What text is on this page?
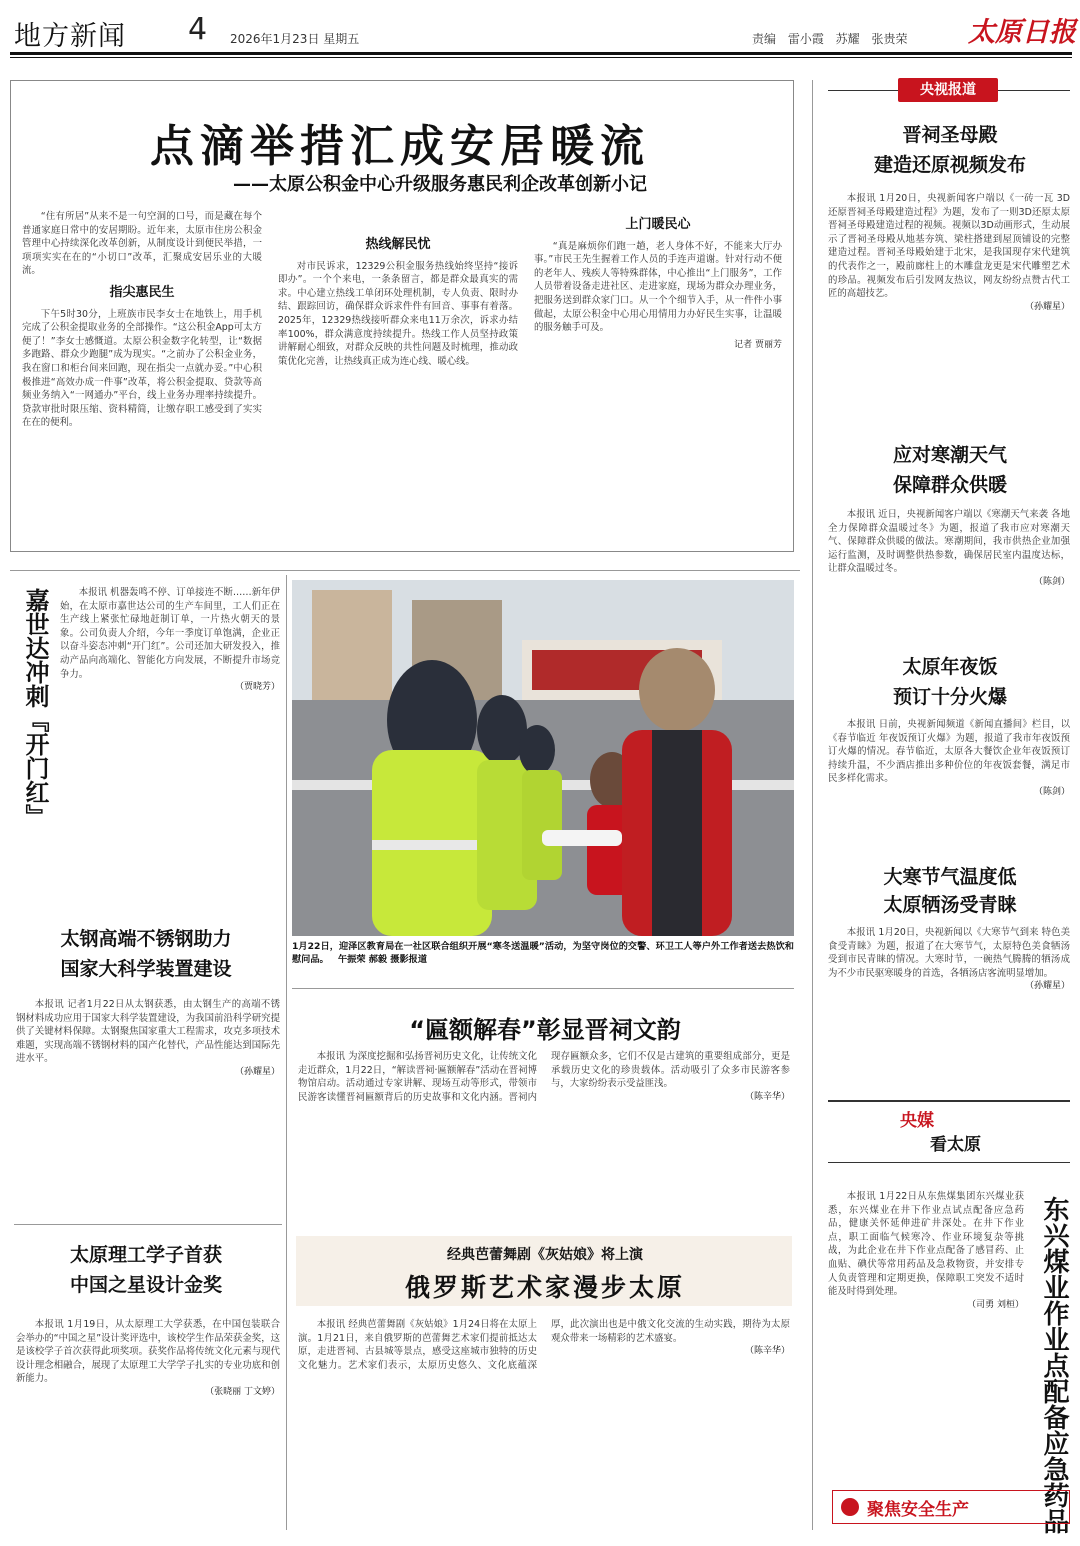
地方新闻 4 2026年1月23日 星期五	责编 雷小霞 苏耀 张贵荣 太原日报
点滴举措汇成安居暖流
——太原公积金中心升级服务惠民利企改革创新小记

“住有所居”从来不是一句空洞的口号，而是藏在每个普通家庭日常中的安居期盼。近年来，太原市住房公积金管理中心持续深化改革创新，从制度设计到便民举措，一项项实实在在的“小切口”改革，汇聚成安居乐业的大暖流。

指尖惠民生

下午5时30分，上班族市民李女士在地铁上，用手机完成了公积金提取业务的全部操作。“这公积金App可太方便了！”李女士感慨道。太原公积金数字化转型，让“数据多跑路、群众少跑腿”成为现实。“之前办了公积金业务，我在窗口和柜台间来回跑，现在指尖一点就办妥。”中心积极推进“高效办成一件事”改革，将公积金提取、贷款等高频业务纳入“一网通办”平台，线上业务办理率持续提升。贷款审批时限压缩、资料精简，让缴存职工感受到了实实在在的便利。

热线解民忧

对市民诉求，12329公积金服务热线始终坚持“接诉即办”。一个个来电，一条条留言，都是群众最真实的需求。中心建立热线工单闭环处理机制，专人负责、限时办结、跟踪回访，确保群众诉求件件有回音、事事有着落。2025年，12329热线接听群众来电11万余次，诉求办结率100%，群众满意度持续提升。热线工作人员坚持政策讲解耐心细致，对群众反映的共性问题及时梳理，推动政策优化完善，让热线真正成为连心线、暖心线。

上门暖民心

“真是麻烦你们跑一趟，老人身体不好，不能来大厅办事。”市民王先生握着工作人员的手连声道谢。针对行动不便的老年人、残疾人等特殊群体，中心推出“上门服务”，工作人员带着设备走进社区、走进家庭，现场为群众办理业务，把服务送到群众家门口。从一个个细节入手，从一件件小事做起，太原公积金中心用心用情用力办好民生实事，让温暖的服务触手可及。

记者 贾丽芳
央视报道
晋祠圣母殿
建造还原视频发布

本报讯 1月20日，央视新闻客户端以《一砖一瓦 3D还原晋祠圣母殿建造过程》为题，发布了一则3D还原太原晋祠圣母殿建造过程的视频。视频以3D动画形式，生动展示了晋祠圣母殿从地基夯筑、梁柱搭建到屋顶铺设的完整建造过程。晋祠圣母殿始建于北宋，是我国现存宋代建筑的代表作之一，殿前廊柱上的木雕盘龙更是宋代雕塑艺术的珍品。视频发布后引发网友热议，网友纷纷点赞古代工匠的高超技艺。

（孙耀星）
应对寒潮天气
保障群众供暖

本报讯 近日，央视新闻客户端以《寒潮天气来袭 各地全力保障群众温暖过冬》为题，报道了我市应对寒潮天气、保障群众供暖的做法。寒潮期间，我市供热企业加强运行监测，及时调整供热参数，确保居民室内温度达标，让群众温暖过冬。

（陈剑）
太原年夜饭
预订十分火爆

本报讯 日前，央视新闻频道《新闻直播间》栏目，以《春节临近 年夜饭预订火爆》为题，报道了我市年夜饭预订火爆的情况。春节临近，太原各大餐饮企业年夜饭预订持续升温，不少酒店推出多种价位的年夜饭套餐，满足市民多样化需求。

（陈剑）
大寒节气温度低
太原牺汤受青睐

本报讯 1月20日，央视新闻以《大寒节气到来 特色美食受青睐》为题，报道了在大寒节气，太原特色美食牺汤受到市民青睐的情况。大寒时节，一碗热气腾腾的牺汤成为不少市民驱寒暖身的首选，各牺汤店客流明显增加。

（孙耀星）
央媒
看太原

本报讯 1月22日从东焦煤集团东兴煤业获悉，东兴煤业在井下作业点试点配备应急药品，健康关怀延伸进矿井深处。在井下作业点，职工面临气候寒冷、作业环境复杂等挑战，为此企业在井下作业点配备了感冒药、止血贴、碘伏等常用药品及急救物资，并安排专人负责管理和定期更换，保障职工突发不适时能及时得到处理。

（司勇 刘桓） 东兴煤业作业点配备应急药品
聚焦安全生产
嘉世达冲刺『开门红』	本报讯 机器轰鸣不停、订单接连不断……新年伊始，在太原市嘉世达公司的生产车间里，工人们正在生产线上紧张忙碌地赶制订单，一片热火朝天的景象。公司负责人介绍，今年一季度订单饱满，企业正以奋斗姿态冲刺“开门红”。公司还加大研发投入，推动产品向高端化、智能化方向发展，不断提升市场竞争力。

（贾晓芳）
1月22日，迎泽区教育局在一社区联合组织开展“寒冬送温暖”活动，为坚守岗位的交警、环卫工人等户外工作者送去热饮和慰问品。 午振荣 郝毅 摄影报道
太钢高端不锈钢助力
国家大科学装置建设

本报讯 记者1月22日从太钢获悉，由太钢生产的高端不锈钢材料成功应用于国家大科学装置建设，为我国前沿科学研究提供了关键材料保障。太钢聚焦国家重大工程需求，攻克多项技术难题，实现高端不锈钢材料的国产化替代，产品性能达到国际先进水平。

（孙耀星）
太原理工学子首获
中国之星设计金奖

本报讯 1月19日，从太原理工大学获悉，在中国包装联合会举办的“中国之星”设计奖评选中，该校学生作品荣获金奖，这是该校学子首次获得此项奖项。获奖作品将传统文化元素与现代设计理念相融合，展现了太原理工大学学子扎实的专业功底和创新能力。

（张晓丽 丁文婷）
“匾额解春”彰显晋祠文韵

本报讯 为深度挖掘和弘扬晋祠历史文化，让传统文化走近群众，1月22日，“解读晋祠·匾额解春”活动在晋祠博物馆启动。活动通过专家讲解、现场互动等形式，带领市民游客读懂晋祠匾额背后的历史故事和文化内涵。晋祠内现存匾额众多，它们不仅是古建筑的重要组成部分，更是承载历史文化的珍贵载体。活动吸引了众多市民游客参与，大家纷纷表示受益匪浅。

（陈辛华）
经典芭蕾舞剧《灰姑娘》将上演
俄罗斯艺术家漫步太原

本报讯 经典芭蕾舞剧《灰姑娘》1月24日将在太原上演。1月21日，来自俄罗斯的芭蕾舞艺术家们提前抵达太原，走进晋祠、古县城等景点，感受这座城市独特的历史文化魅力。艺术家们表示，太原历史悠久、文化底蕴深厚，此次演出也是中俄文化交流的生动实践，期待为太原观众带来一场精彩的艺术盛宴。

（陈辛华）
